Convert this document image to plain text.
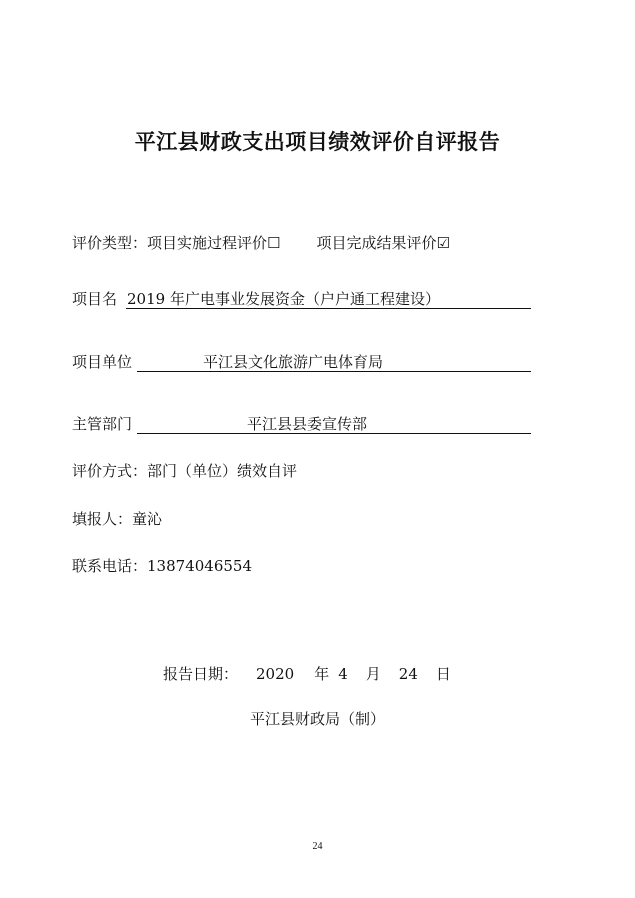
平江县财政支出项目绩效评价自评报告
评价类型：项目实施过程评价☐ 项目完成结果评价☑
项目名 2019 年广电事业发展资金（户户通工程建设）
项目单位	平江县文化旅游广电体育局
主管部门	平江县县委宣传部
评价方式：部门（单位）绩效自评
填报人：童沁
联系电话：13874046554
报告日期： 2020 年 4 月 24 日
平江县财政局（制）
24
